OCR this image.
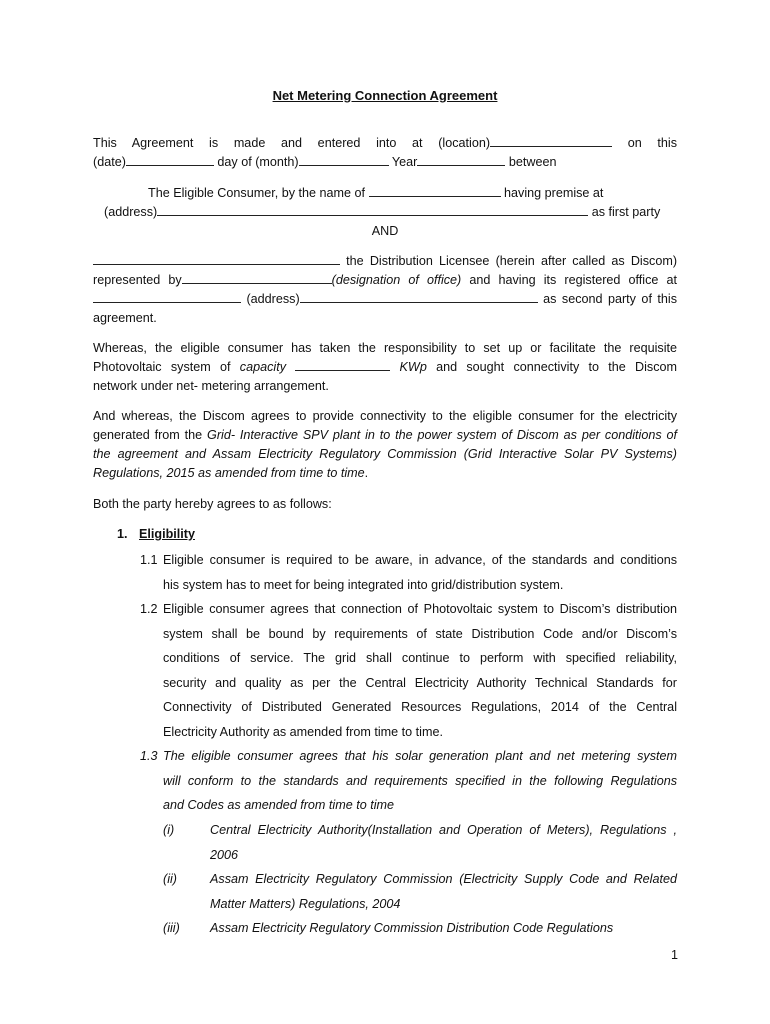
Net Metering Connection Agreement
This Agreement is made and entered into at (location)	on this
(date)	day of (month)	Year	between
The Eligible Consumer, by the name of	having premise at
(address)	as first party
AND
the Distribution Licensee (herein after called as Discom)
represented by	(designation of office) and having its registered office at
(address)	as second party of this
agreement.
Whereas, the eligible consumer has taken the responsibility to set up or facilitate the requisite
Photovoltaic system of capacity	KWp and sought connectivity to the Discom
network under net- metering arrangement.
And whereas, the Discom agrees to provide connectivity to the eligible consumer for the electricity
generated from the Grid- Interactive SPV plant in to the power system of Discom as per conditions of
the agreement and Assam Electricity Regulatory Commission (Grid Interactive Solar PV Systems)
Regulations, 2015 as amended from time to time.
Both the party hereby agrees to as follows:
1. Eligibility
1.1 Eligible consumer is required to be aware, in advance, of the standards and conditions
his system has to meet for being integrated into grid/distribution system.
1.2 Eligible consumer agrees that connection of Photovoltaic system to Discom’s distribution
system shall be bound by requirements of state Distribution Code and/or Discom’s
conditions of service. The grid shall continue to perform with specified reliability,
security and quality as per the Central Electricity Authority Technical Standards for
Connectivity of Distributed Generated Resources Regulations, 2014 of the Central
Electricity Authority as amended from time to time.
1.3 The eligible consumer agrees that his solar generation plant and net metering system
will conform to the standards and requirements specified in the following Regulations
and Codes as amended from time to time
(i)	Central Electricity Authority(Installation and Operation of Meters), Regulations ,
2006
(ii)	Assam Electricity Regulatory Commission (Electricity Supply Code and Related
Matter Matters) Regulations, 2004
(iii) Assam Electricity Regulatory Commission Distribution Code Regulations
1
